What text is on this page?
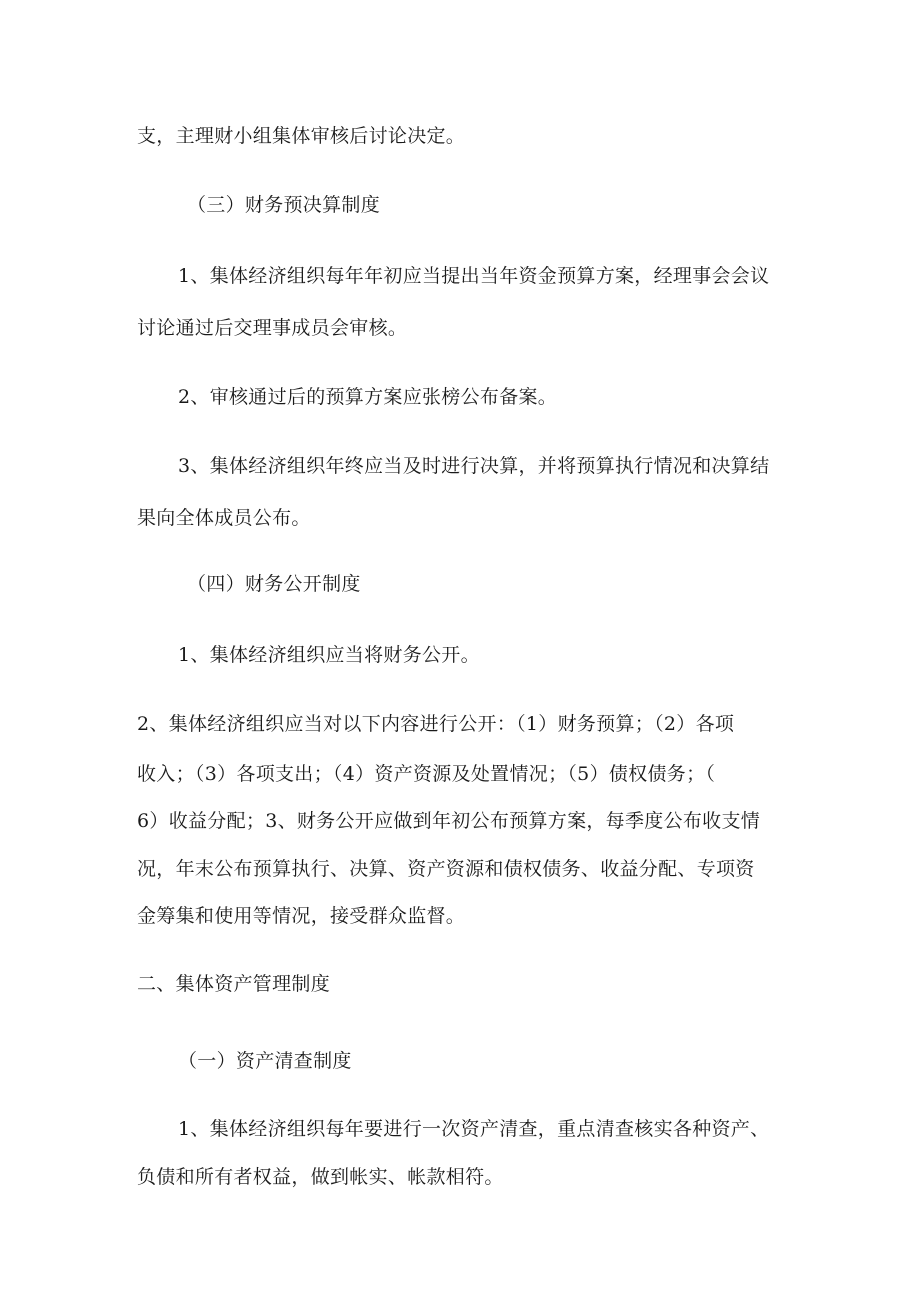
支，主理财小组集体审核后讨论决定。
（三）财务预决算制度
1、集体经济组织每年年初应当提出当年资金预算方案，经理事会会议
讨论通过后交理事成员会审核。
2、审核通过后的预算方案应张榜公布备案。
3、集体经济组织年终应当及时进行决算，并将预算执行情况和决算结
果向全体成员公布。
（四）财务公开制度
1、集体经济组织应当将财务公开。
2、集体经济组织应当对以下内容进行公开：（1）财务预算；（2）各项
收入；（3）各项支出；（4）资产资源及处置情况；（5）债权债务；（
6）收益分配；3、财务公开应做到年初公布预算方案，每季度公布收支情
况，年末公布预算执行、决算、资产资源和债权债务、收益分配、专项资
金筹集和使用等情况，接受群众监督。
二、集体资产管理制度
（一）资产清查制度
1、集体经济组织每年要进行一次资产清查，重点清查核实各种资产、
负债和所有者权益，做到帐实、帐款相符。
